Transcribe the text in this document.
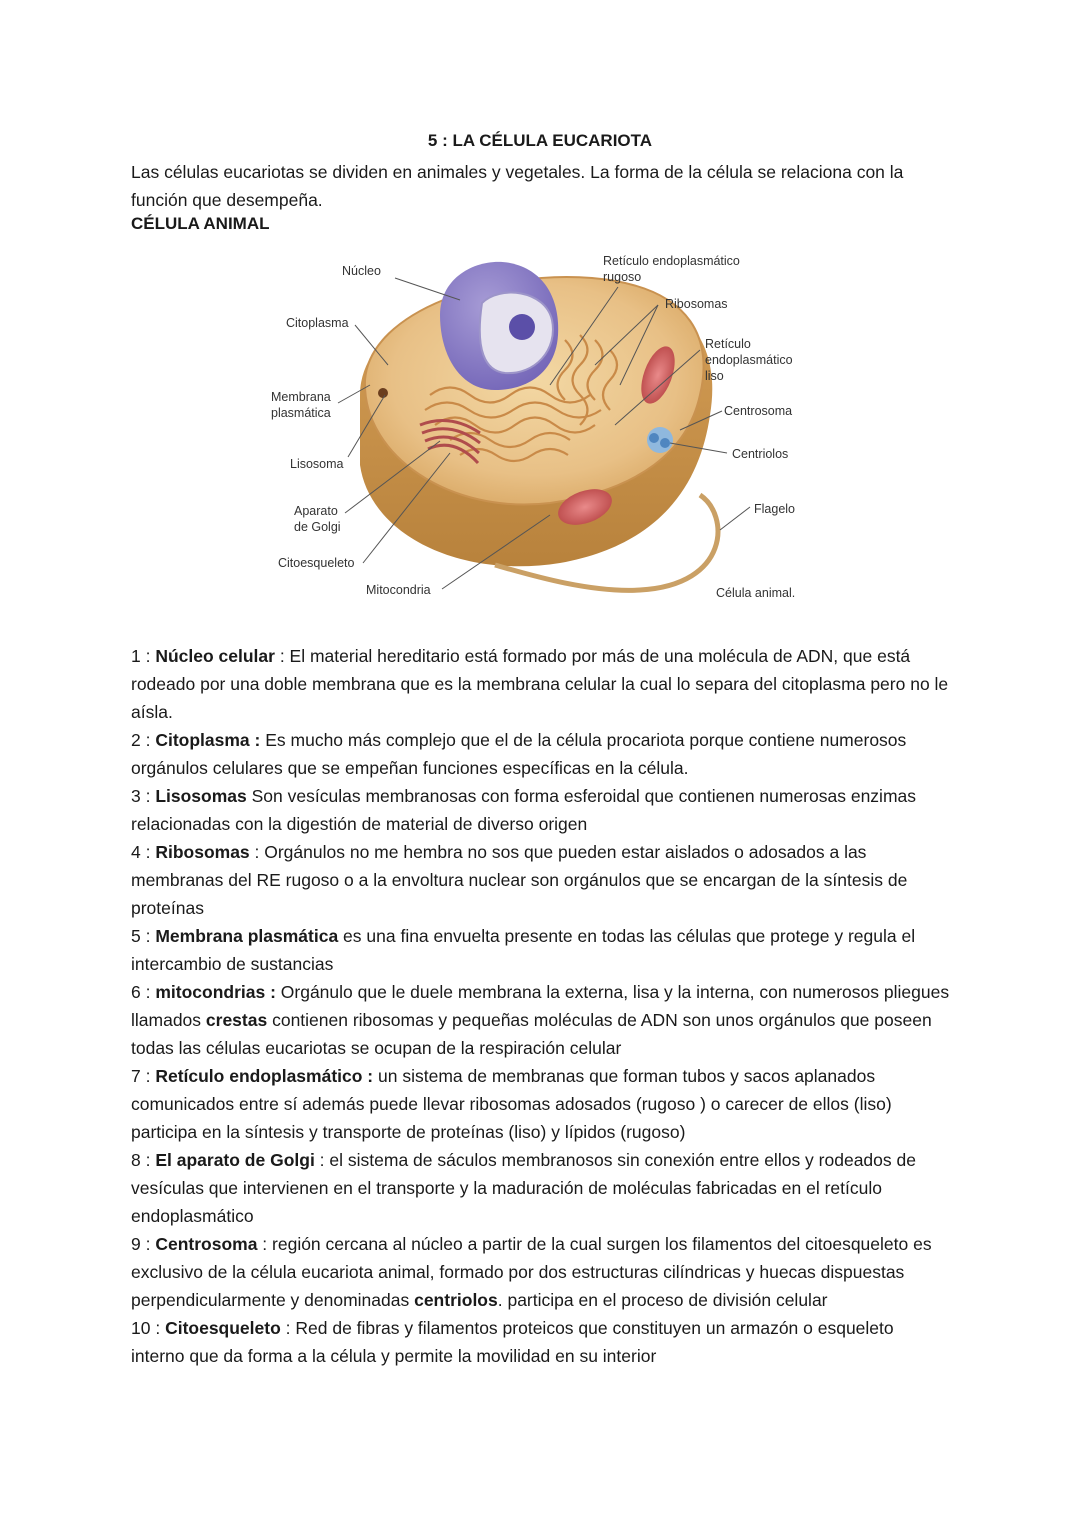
5 : LA CÉLULA EUCARIOTA
Las células eucariotas se dividen en animales y vegetales. La forma de la célula se relaciona con la función que desempeña.
CÉLULA ANIMAL
Núcleo
Citoplasma
Membrana
plasmática
Lisosoma
Aparato
de Golgi
Citoesqueleto
Mitocondria
Retículo endoplasmático
rugoso
Ribosomas
Retículo
endoplasmático
liso
Centrosoma
Centriolos
Flagelo
Célula animal.

1 : Núcleo celular : El material hereditario está formado por más de una molécula de ADN, que está rodeado por una doble membrana que es la membrana celular la cual lo separa del citoplasma pero no le aísla.

2 : Citoplasma : Es mucho más complejo que el de la célula procariota porque contiene numerosos orgánulos celulares que se empeñan funciones específicas en la célula.

3 : Lisosomas Son vesículas membranosas con forma esferoidal que contienen numerosas enzimas relacionadas con la digestión de material de diverso origen

4 : Ribosomas : Orgánulos no me hembra no sos que pueden estar aislados o adosados a las membranas del RE rugoso o a la envoltura nuclear son orgánulos que se encargan de la síntesis de proteínas

5 : Membrana plasmática es una fina envuelta presente en todas las células que protege y regula el intercambio de sustancias

6 : mitocondrias : Orgánulo que le duele membrana la externa, lisa y la interna, con numerosos pliegues llamados crestas contienen ribosomas y pequeñas moléculas de ADN son unos orgánulos que poseen todas las células eucariotas se ocupan de la respiración celular

7 : Retículo endoplasmático : un sistema de membranas que forman tubos y sacos aplanados comunicados entre sí además puede llevar ribosomas adosados (rugoso ) o carecer de ellos (liso) participa en la síntesis y transporte de proteínas (liso) y lípidos (rugoso)

8 : El aparato de Golgi : el sistema de sáculos membranosos sin conexión entre ellos y rodeados de vesículas que intervienen en el transporte y la maduración de moléculas fabricadas en el retículo endoplasmático

9 : Centrosoma : región cercana al núcleo a partir de la cual surgen los filamentos del citoesqueleto es exclusivo de la célula eucariota animal, formado por dos estructuras cilíndricas y huecas dispuestas perpendicularmente y denominadas centriolos. participa en el proceso de división celular

10 : Citoesqueleto : Red de fibras y filamentos proteicos que constituyen un armazón o esqueleto interno que da forma a la célula y permite la movilidad en su interior
